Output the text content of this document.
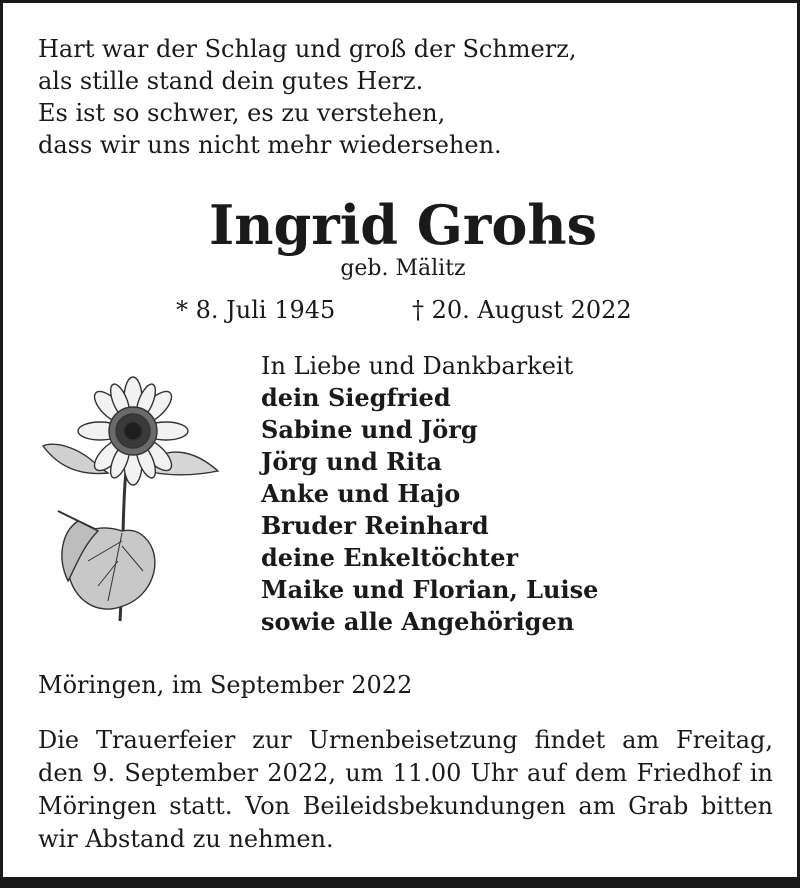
Hart war der Schlag und groß der Schmerz,
als stille stand dein gutes Herz.
Es ist so schwer, es zu verstehen,
dass wir uns nicht mehr wiedersehen.
Ingrid Grohs
geb. Mälitz
* 8. Juli 1945	† 20. August 2022
In Liebe und Dankbarkeit
dein Siegfried
Sabine und Jörg
Jörg und Rita
Anke und Hajo
Bruder Reinhard
deine Enkeltöchter
Maike und Florian, Luise
sowie alle Angehörigen
Möringen, im September 2022
Die Trauerfeier zur Urnenbeisetzung findet am Freitag,
den 9. September 2022, um 11.00 Uhr auf dem Friedhof in
Möringen statt. Von Beileidsbekundungen am Grab bitten
wir Abstand zu nehmen.
